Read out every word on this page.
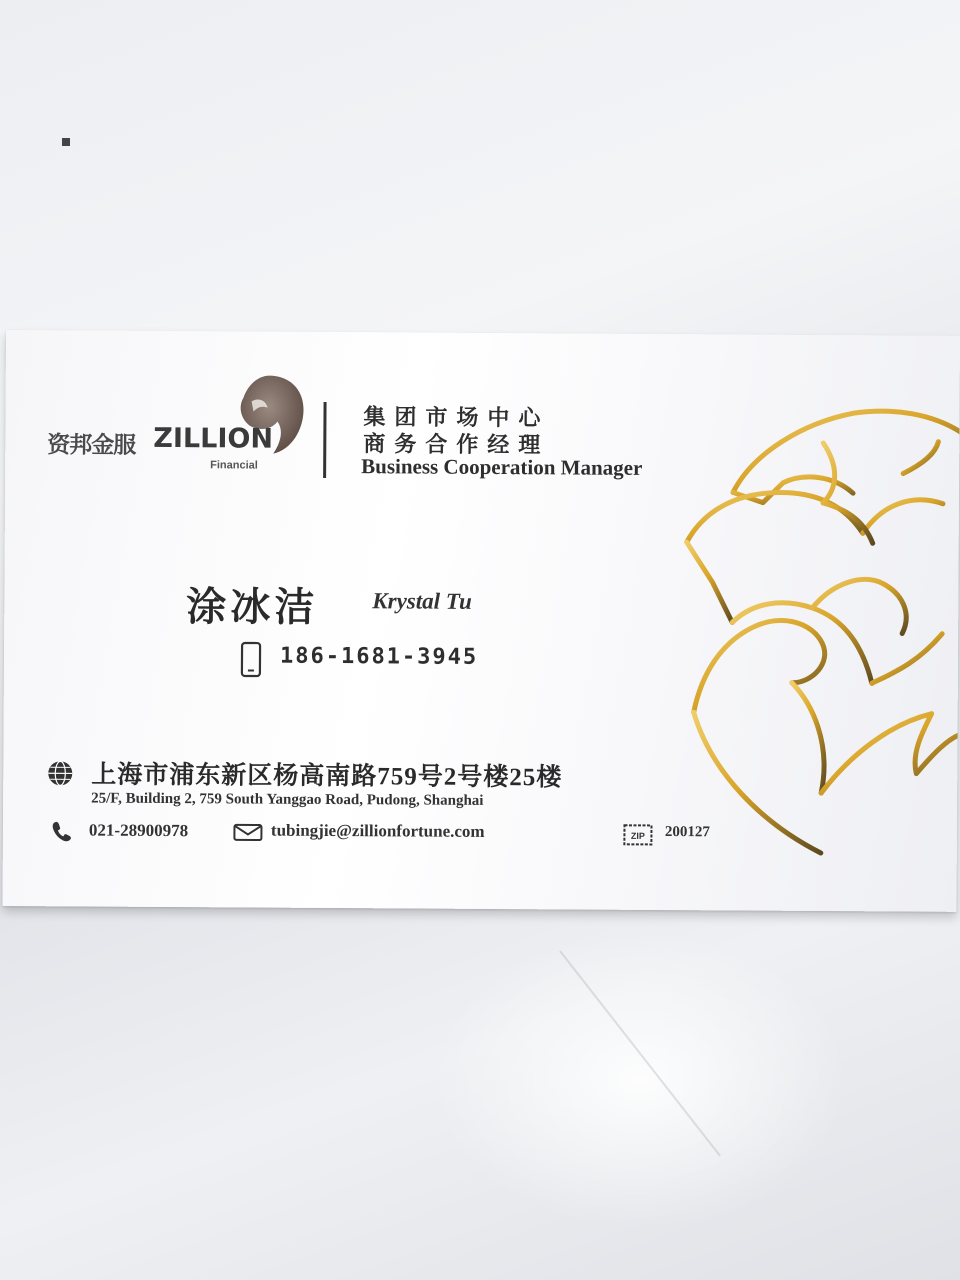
资邦金服 ZILLION
Financial
集团市场中心
商务合作经理
Business Cooperation Manager
涂冰洁 Krystal Tu
186-1681-3945
上海市浦东新区杨高南路759号2号楼25楼
25/F, Building 2, 759 South Yanggao Road, Pudong, Shanghai
021-28900978	tubingjie@zillionfortune.com	ZIP 200127
